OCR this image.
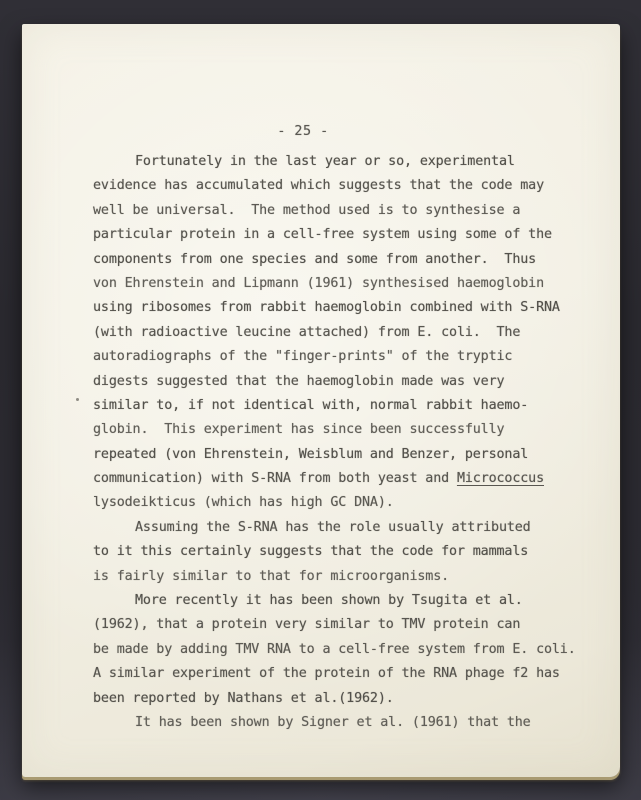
- 25 -
Fortunately in the last year or so, experimental
evidence has accumulated which suggests that the code may
well be universal.  The method used is to synthesise a
particular protein in a cell-free system using some of the
components from one species and some from another.  Thus
von Ehrenstein and Lipmann (1961) synthesised haemoglobin
using ribosomes from rabbit haemoglobin combined with S-RNA
(with radioactive leucine attached) from E. coli.  The
autoradiographs of the "finger-prints" of the tryptic
digests suggested that the haemoglobin made was very
similar to, if not identical with, normal rabbit haemo-
globin.  This experiment has since been successfully
repeated (von Ehrenstein, Weisblum and Benzer, personal
communication) with S-RNA from both yeast and Micrococcus
lysodeikticus (which has high GC DNA).
Assuming the S-RNA has the role usually attributed
to it this certainly suggests that the code for mammals
is fairly similar to that for microorganisms.
More recently it has been shown by Tsugita et al.
(1962), that a protein very similar to TMV protein can
be made by adding TMV RNA to a cell-free system from E. coli.
A similar experiment of the protein of the RNA phage f2 has
been reported by Nathans et al.(1962).
It has been shown by Signer et al. (1961) that the
